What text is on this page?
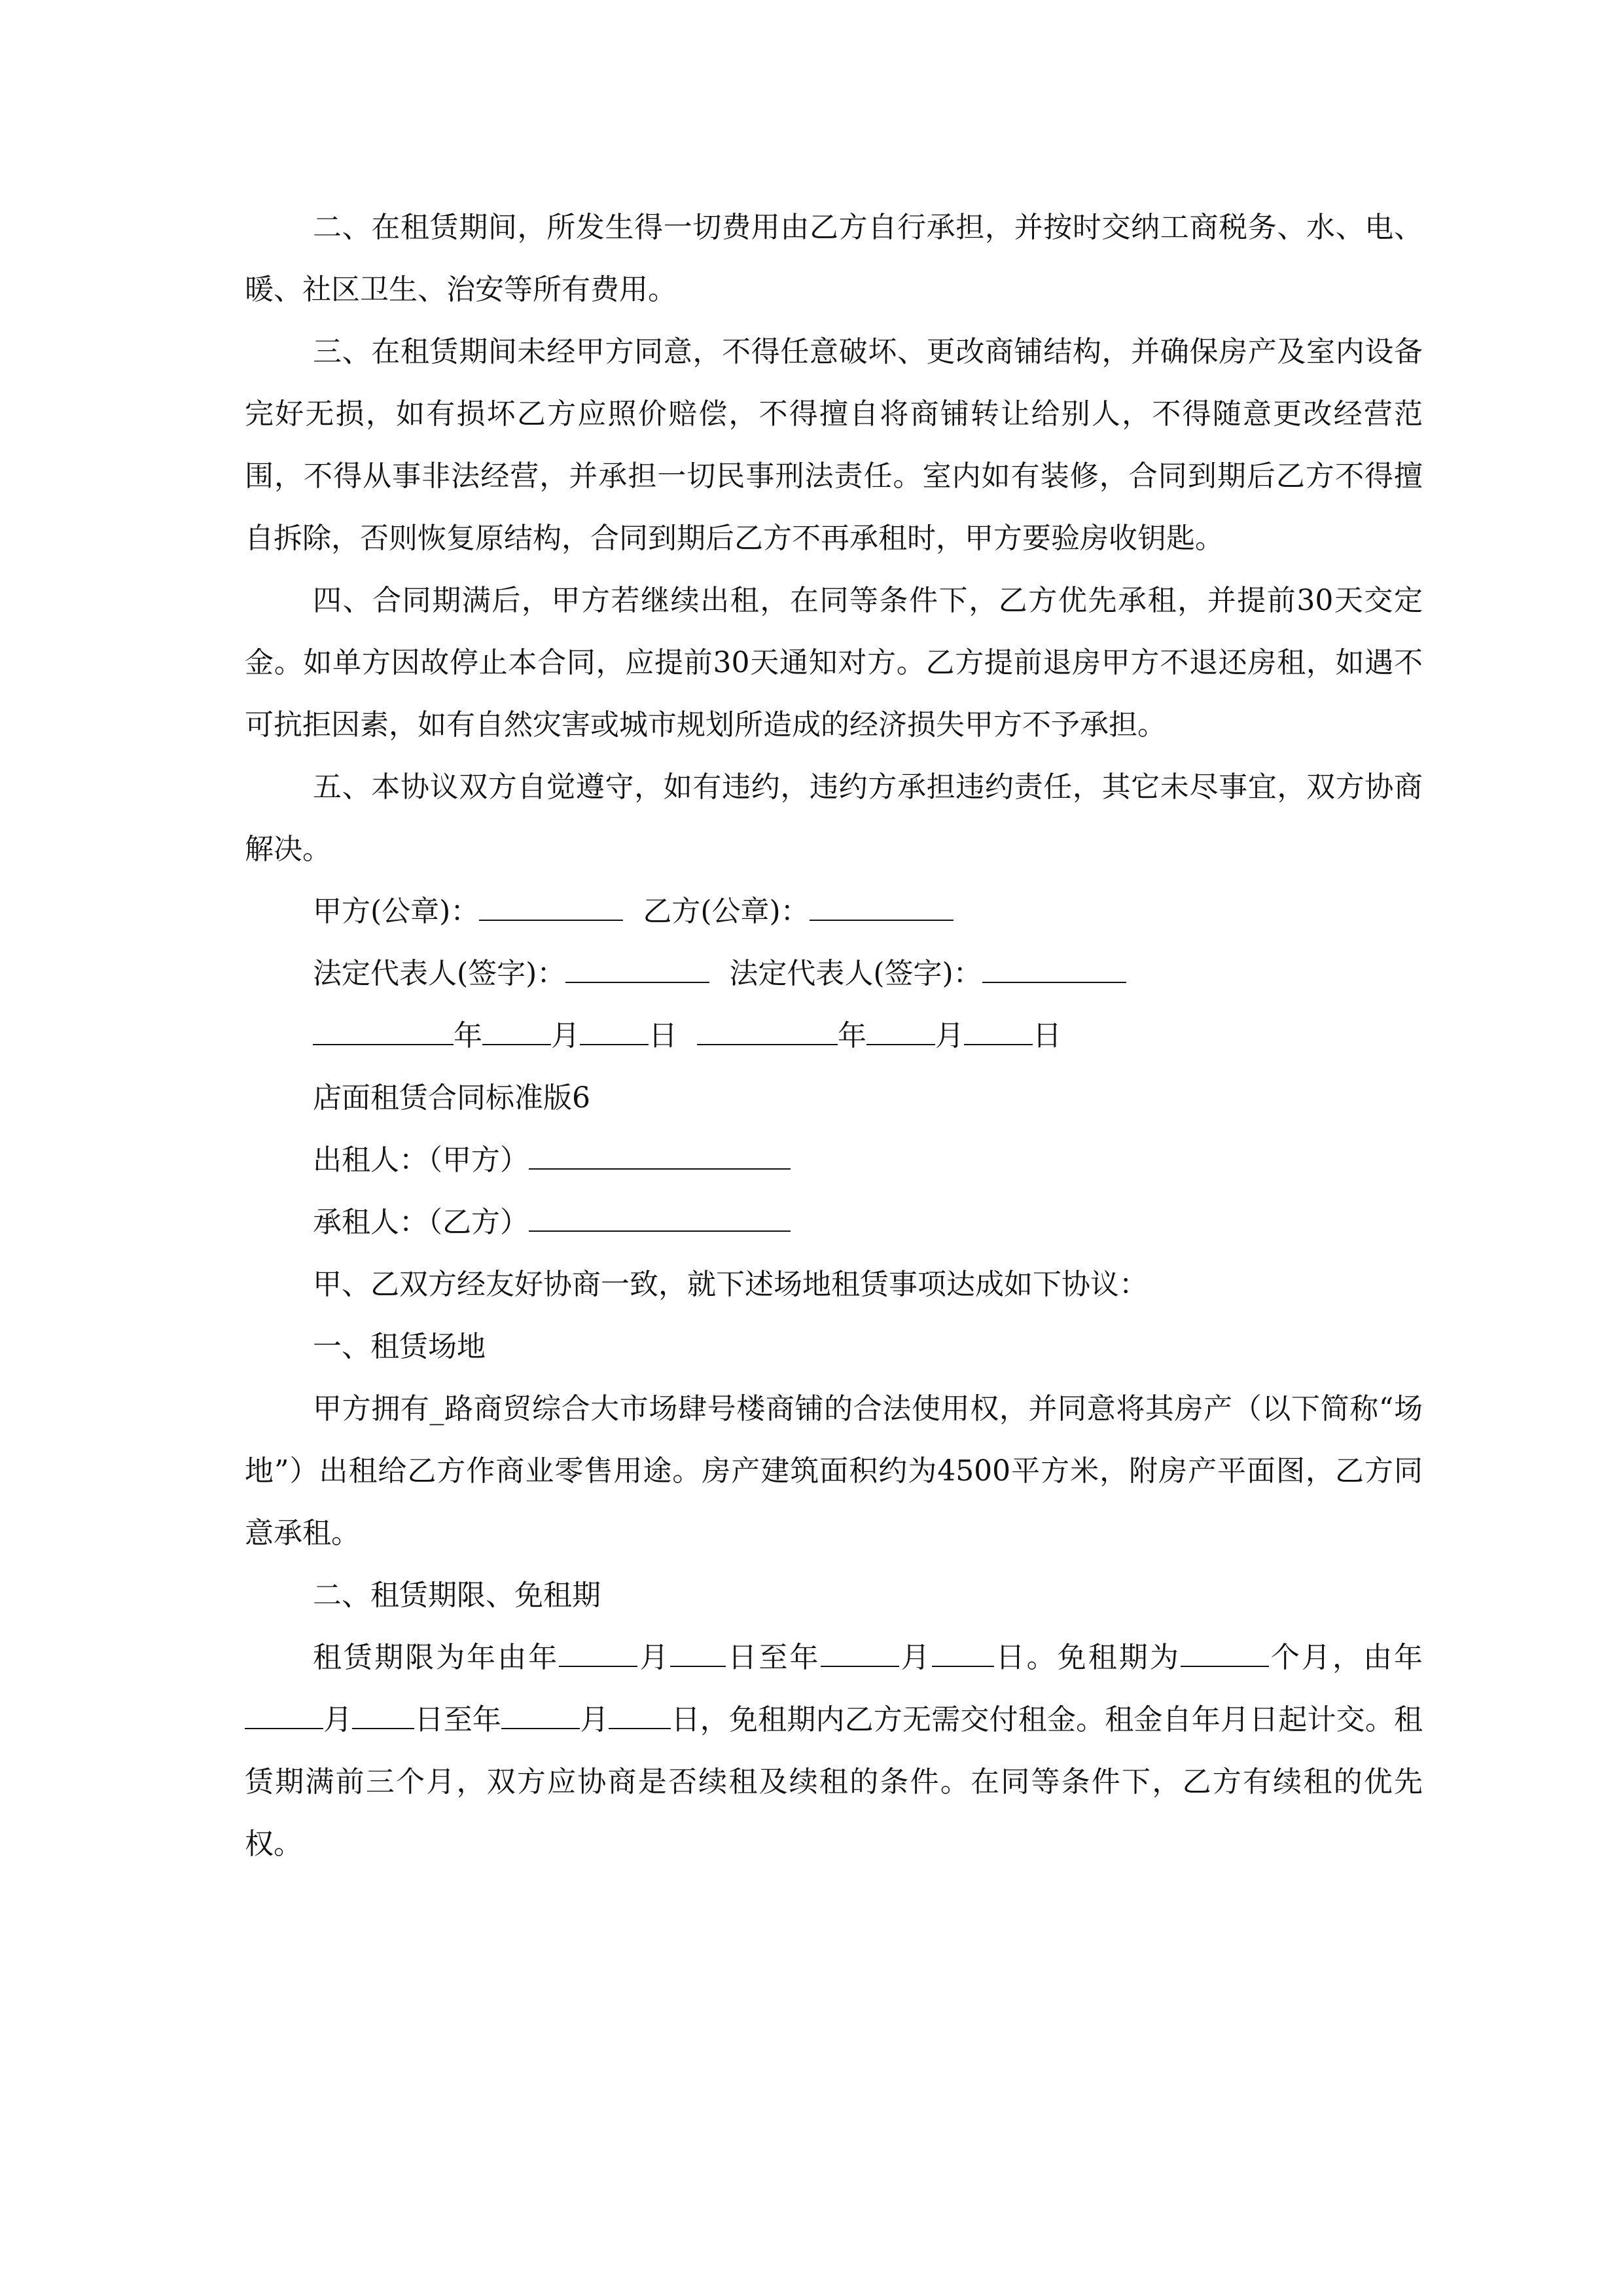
二、在租赁期间，所发生得一切费用由乙方自行承担，并按时交纳工商税务、水、电、暖、社区卫生、治安等所有费用。

三、在租赁期间未经甲方同意，不得任意破坏、更改商铺结构，并确保房产及室内设备完好无损，如有损坏乙方应照价赔偿，不得擅自将商铺转让给别人，不得随意更改经营范围，不得从事非法经营，并承担一切民事刑法责任。室内如有装修，合同到期后乙方不得擅自拆除，否则恢复原结构，合同到期后乙方不再承租时，甲方要验房收钥匙。

四、合同期满后，甲方若继续出租，在同等条件下，乙方优先承租，并提前30天交定金。如单方因故停止本合同，应提前30天通知对方。乙方提前退房甲方不退还房租，如遇不可抗拒因素，如有自然灾害或城市规划所造成的经济损失甲方不予承担。

五、本协议双方自觉遵守，如有违约，违约方承担违约责任，其它未尽事宜，双方协商解决。

甲方(公章)：	乙方(公章)：
法定代表人(签字)：	法定代表人(签字)：
年 月 日	年 月 日
店面租赁合同标准版6
出租人：（甲方）
承租人：（乙方）

甲、乙双方经友好协商一致，就下述场地租赁事项达成如下协议：

一、租赁场地

甲方拥有_路商贸综合大市场肆号楼商铺的合法使用权，并同意将其房产（以下简称“场地”）出租给乙方作商业零售用途。房产建筑面积约为4500平方米，附房产平面图，乙方同意承租。

二、租赁期限、免租期

租赁期限为年由年	月 日至年	月 日。免租期为	个月，由年月 日至年	月 日，免租期内乙方无需交付租金。租金自年月日起计交。租赁期满前三个月，双方应协商是否续租及续租的条件。在同等条件下，乙方有续租的优先权。
